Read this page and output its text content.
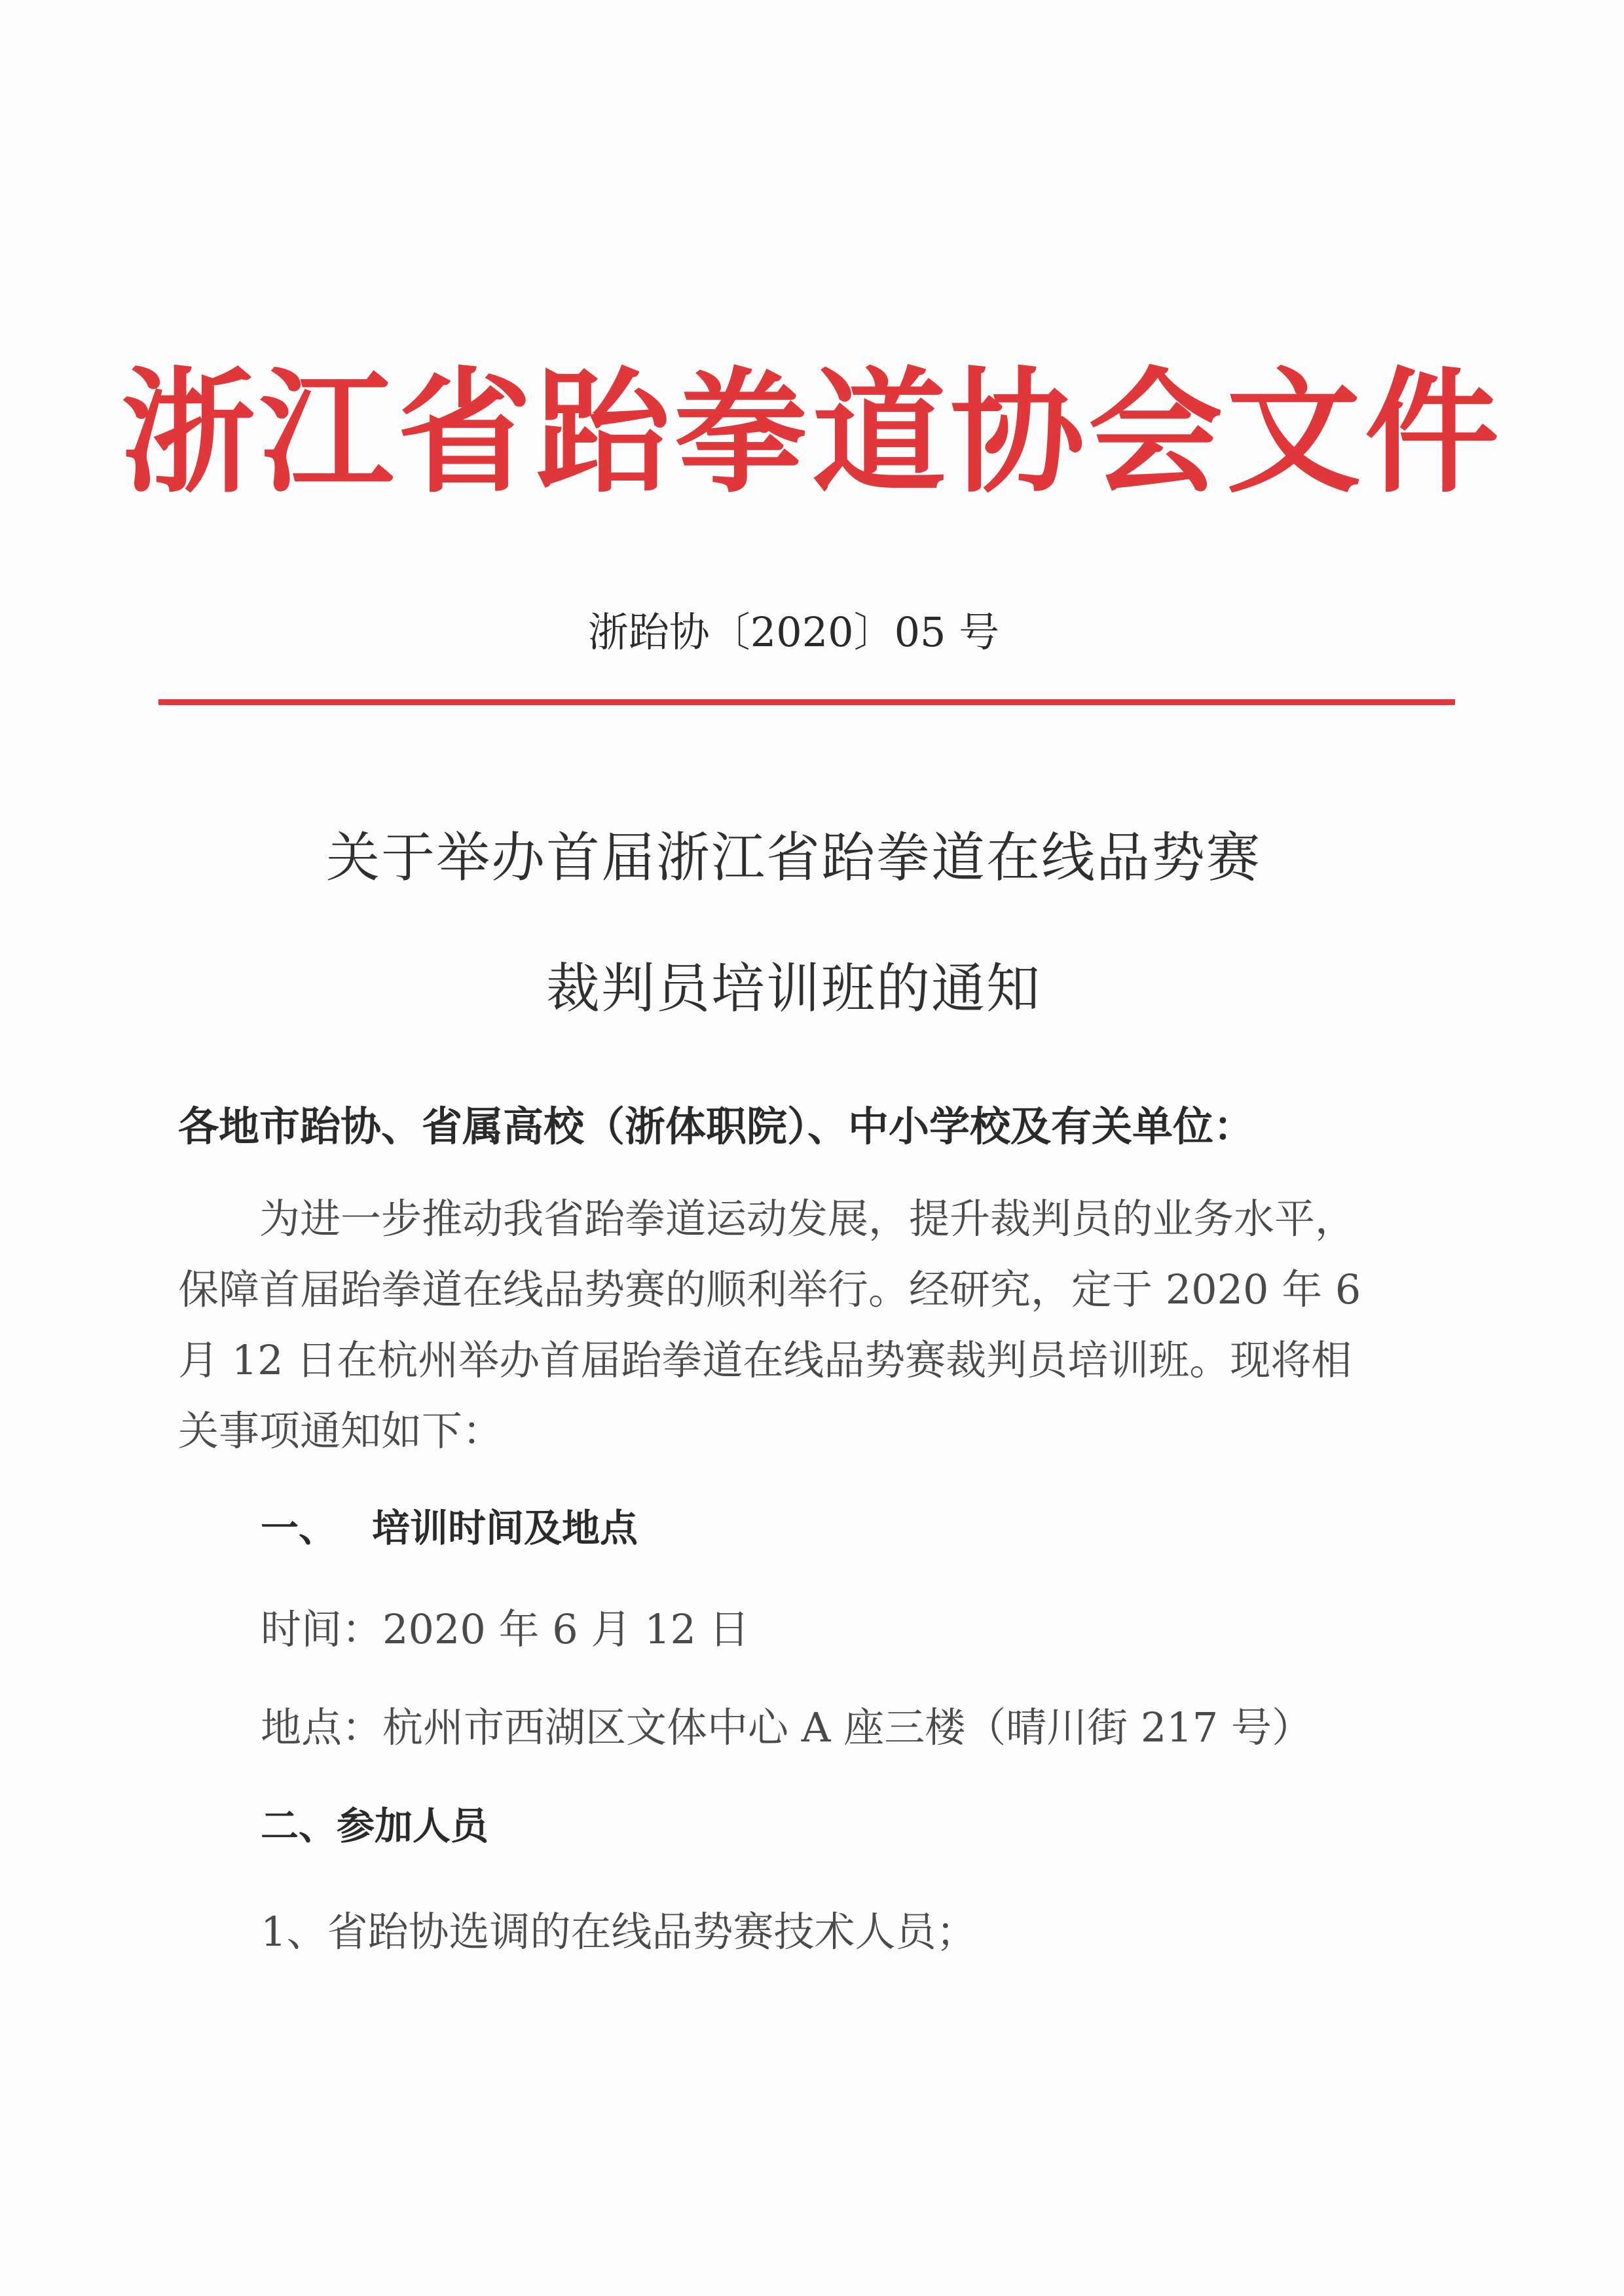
浙江省跆拳道协会文件
浙跆协〔2020〕05 号
关于举办首届浙江省跆拳道在线品势赛
裁判员培训班的通知
各地市跆协、省属高校（浙体职院）、中小学校及有关单位：
为进一步推动我省跆拳道运动发展，提升裁判员的业务水平，
保障首届跆拳道在线品势赛的顺利举行。经研究，定于 2020 年 6
月 12 日在杭州举办首届跆拳道在线品势赛裁判员培训班。现将相
关事项通知如下：
一、 培训时间及地点
时间：2020 年 6 月 12 日
地点：杭州市西湖区文体中心 A 座三楼（晴川街 217 号）
二、参加人员
1、省跆协选调的在线品势赛技术人员；
